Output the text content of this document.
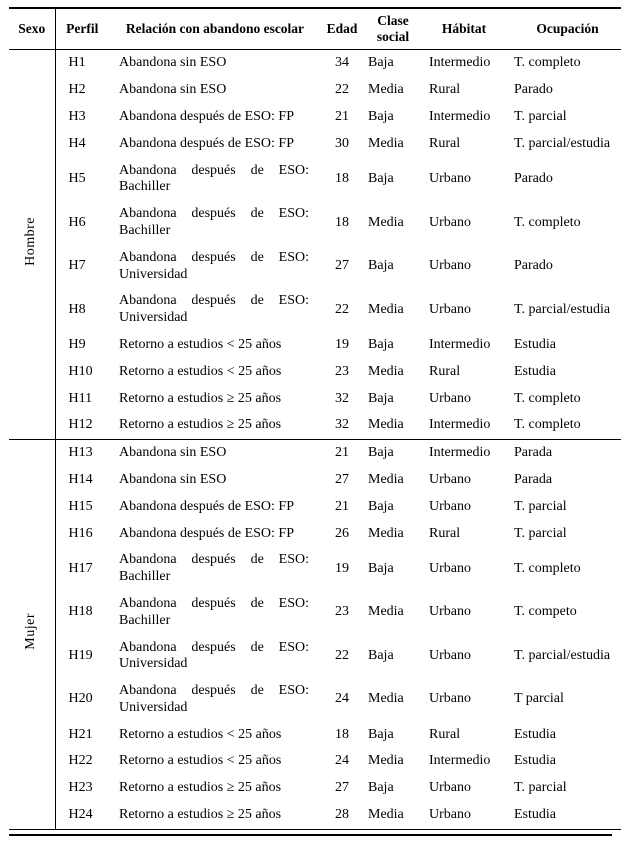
Sexo	Perfil	Relación con abandono escolar	Edad	Clase social	Hábitat	Ocupación
Hombre	H1	Abandona sin ESO	34	Baja	Intermedio	T. completo
	H2	Abandona sin ESO	22	Media	Rural	Parado
	H3	Abandona después de ESO: FP	21	Baja	Intermedio	T. parcial
	H4	Abandona después de ESO: FP	30	Media	Rural	T. parcial/estudia
	H5	Abandona después de ESO: Bachiller	18	Baja	Urbano	Parado
	H6	Abandona después de ESO: Bachiller	18	Media	Urbano	T. completo
	H7	Abandona después de ESO: Universidad	27	Baja	Urbano	Parado
	H8	Abandona después de ESO: Universidad	22	Media	Urbano	T. parcial/estudia
	H9	Retorno a estudios < 25 años	19	Baja	Intermedio	Estudia
	H10	Retorno a estudios < 25 años	23	Media	Rural	Estudia
	H11	Retorno a estudios ≥ 25 años	32	Baja	Urbano	T. completo
	H12	Retorno a estudios ≥ 25 años	32	Media	Intermedio	T. completo
Mujer	H13	Abandona sin ESO	21	Baja	Intermedio	Parada
	H14	Abandona sin ESO	27	Media	Urbano	Parada
	H15	Abandona después de ESO: FP	21	Baja	Urbano	T. parcial
	H16	Abandona después de ESO: FP	26	Media	Rural	T. parcial
	H17	Abandona después de ESO: Bachiller	19	Baja	Urbano	T. completo
	H18	Abandona después de ESO: Bachiller	23	Media	Urbano	T. competo
	H19	Abandona después de ESO: Universidad	22	Baja	Urbano	T. parcial/estudia
	H20	Abandona después de ESO: Universidad	24	Media	Urbano	T parcial
	H21	Retorno a estudios < 25 años	18	Baja	Rural	Estudia
	H22	Retorno a estudios < 25 años	24	Media	Intermedio	Estudia
	H23	Retorno a estudios ≥ 25 años	27	Baja	Urbano	T. parcial
	H24	Retorno a estudios ≥ 25 años	28	Media	Urbano	Estudia
